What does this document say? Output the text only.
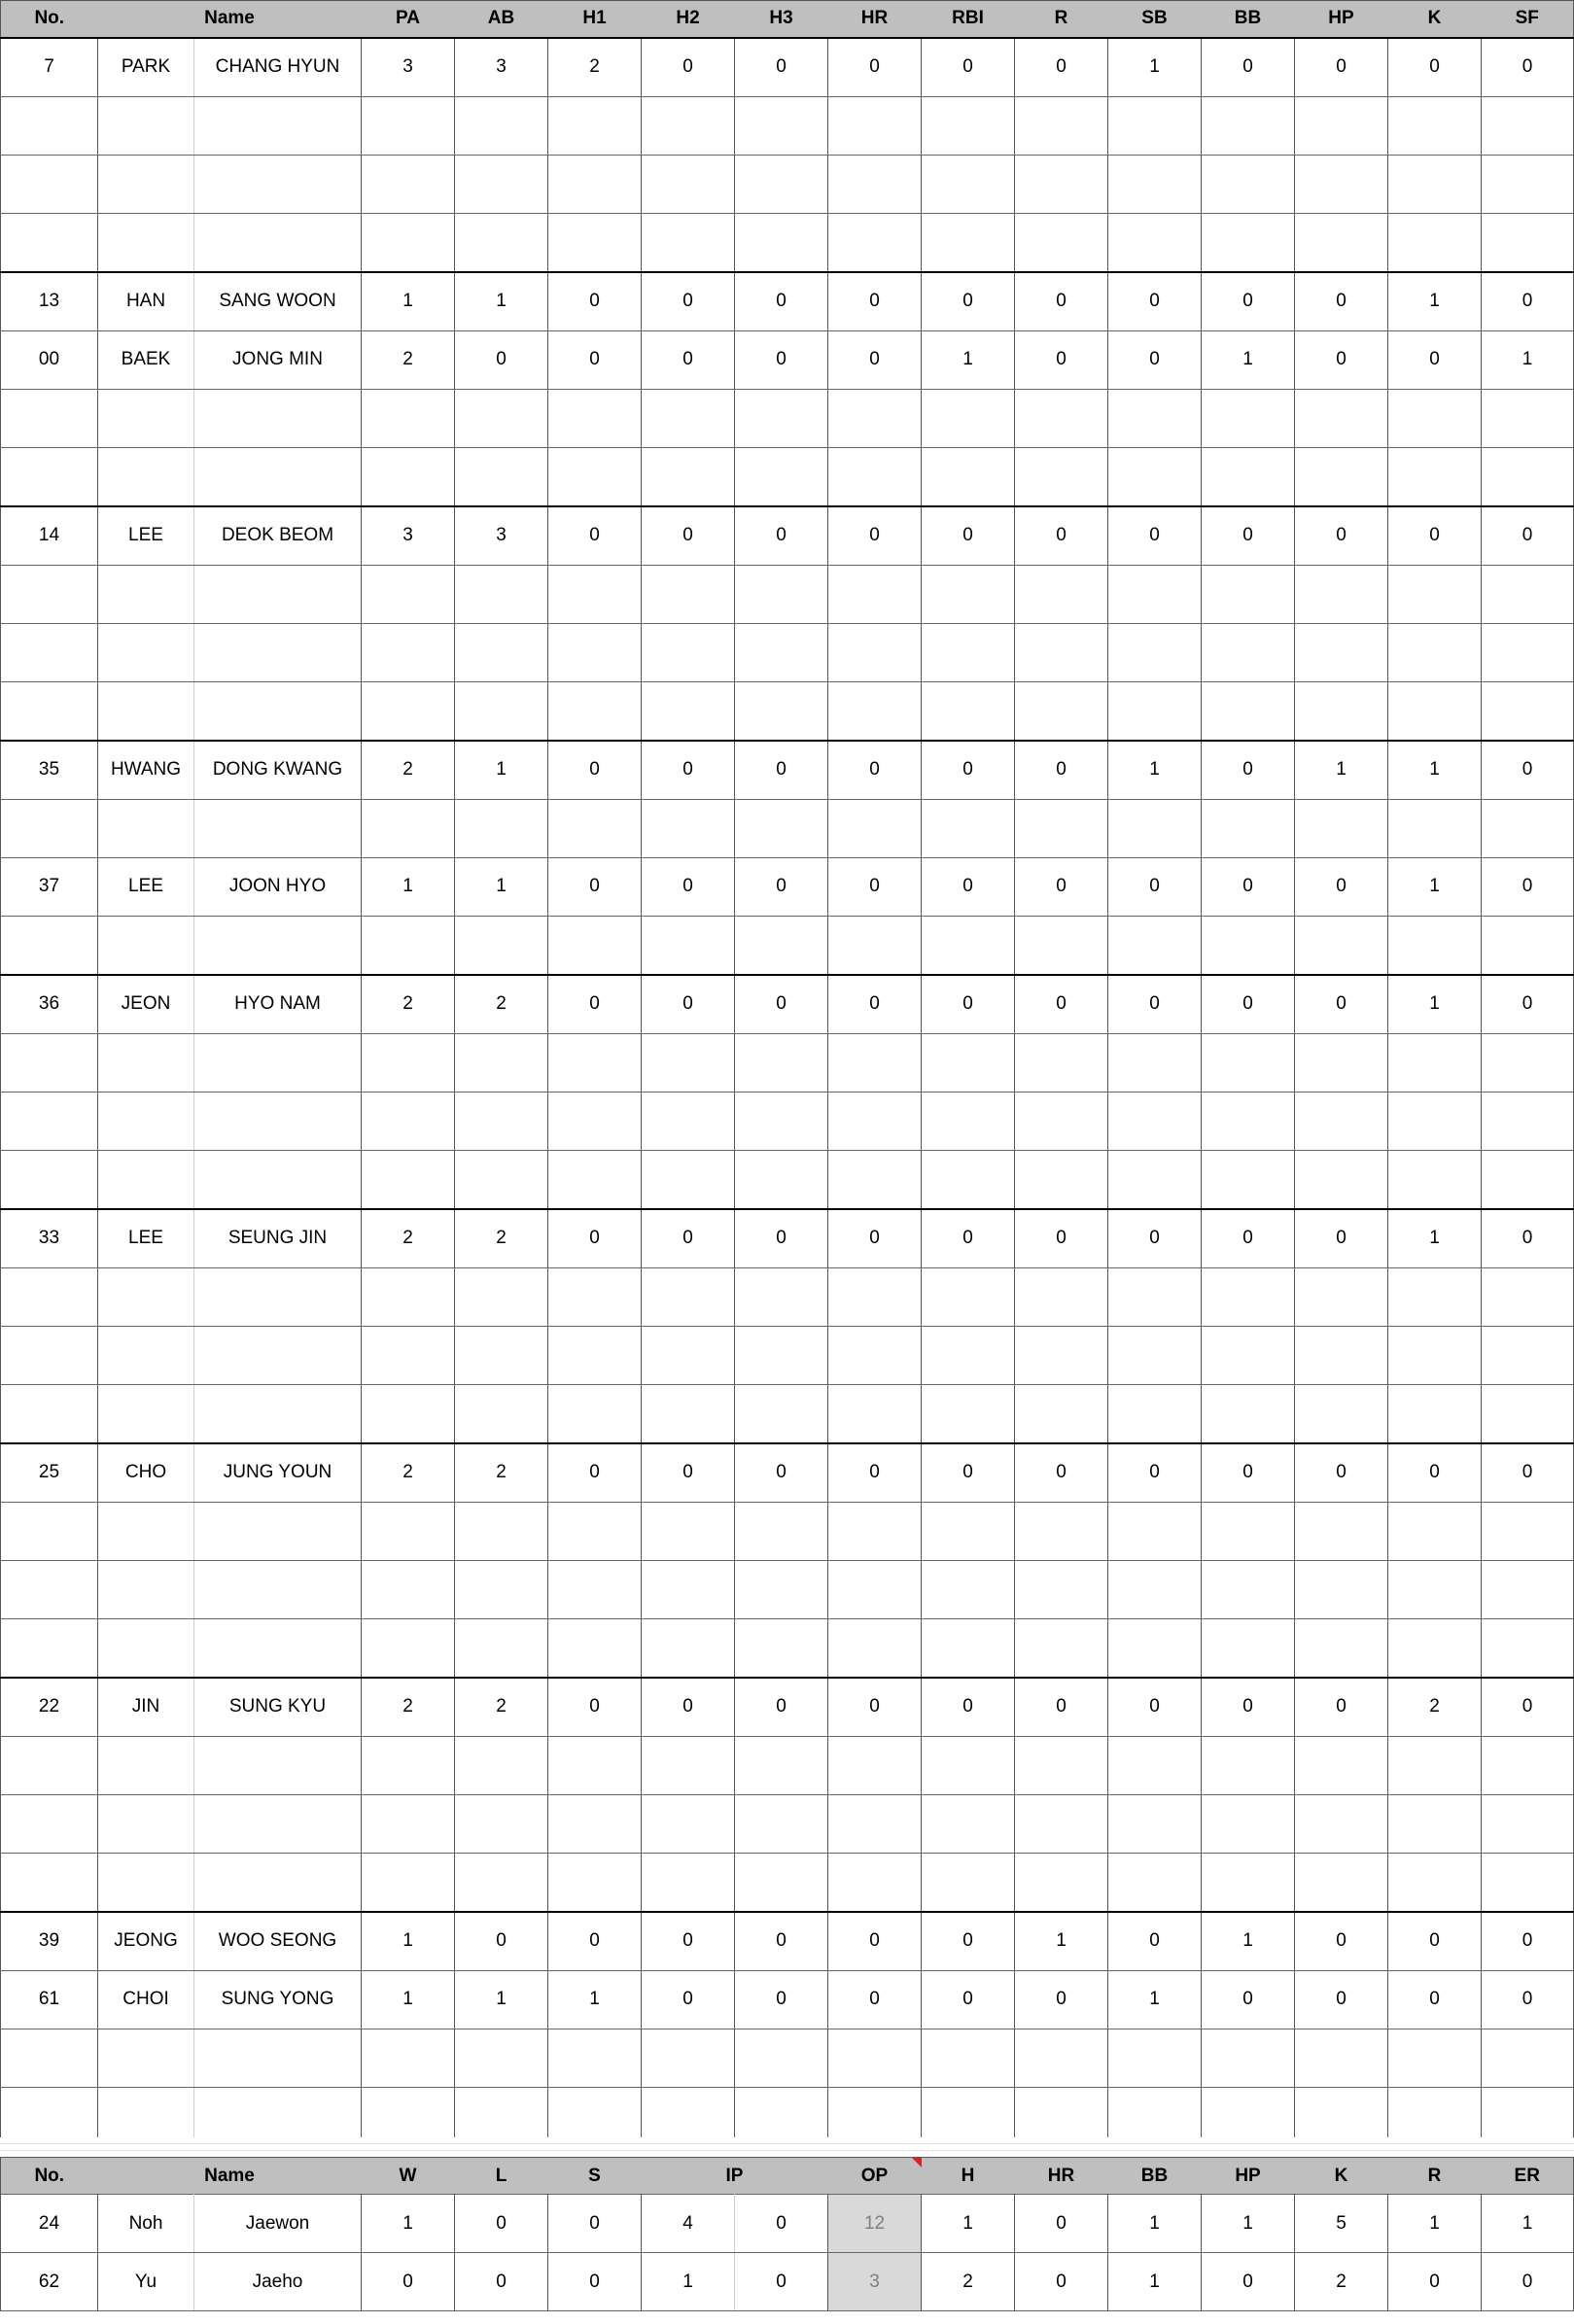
No.	Name		PA	AB	H1	H2	H3	HR	RBI	R	SB	BB	HP	K	SF
7	PARK	CHANG HYUN	3	3	2	0	0	0	0	0	1	0	0	0	0

13	HAN	SANG WOON	1	1	0	0	0	0	0	0	0	0	0	1	0
00	BAEK	JONG MIN	2	0	0	0	0	0	1	0	0	1	0	0	1

14	LEE	DEOK BEOM	3	3	0	0	0	0	0	0	0	0	0	0	0

35	HWANG	DONG KWANG	2	1	0	0	0	0	0	0	1	0	1	1	0

37	LEE	JOON HYO	1	1	0	0	0	0	0	0	0	0	0	1	0

36	JEON	HYO NAM	2	2	0	0	0	0	0	0	0	0	0	1	0

33	LEE	SEUNG JIN	2	2	0	0	0	0	0	0	0	0	0	1	0

25	CHO	JUNG YOUN	2	2	0	0	0	0	0	0	0	0	0	0	0

22	JIN	SUNG KYU	2	2	0	0	0	0	0	0	0	0	0	2	0

39	JEONG	WOO SEONG	1	0	0	0	0	0	0	1	0	1	0	0	0
61	CHOI	SUNG YONG	1	1	1	0	0	0	0	0	1	0	0	0	0

No.	Name		W	L	S	IP		OP	H	HR	BB	HP	K	R	ER
24	Noh	Jaewon	1	0	0	4	0	12	1	0	1	1	5	1	1
62	Yu	Jaeho	0	0	0	1	0	3	2	0	1	0	2	0	0
